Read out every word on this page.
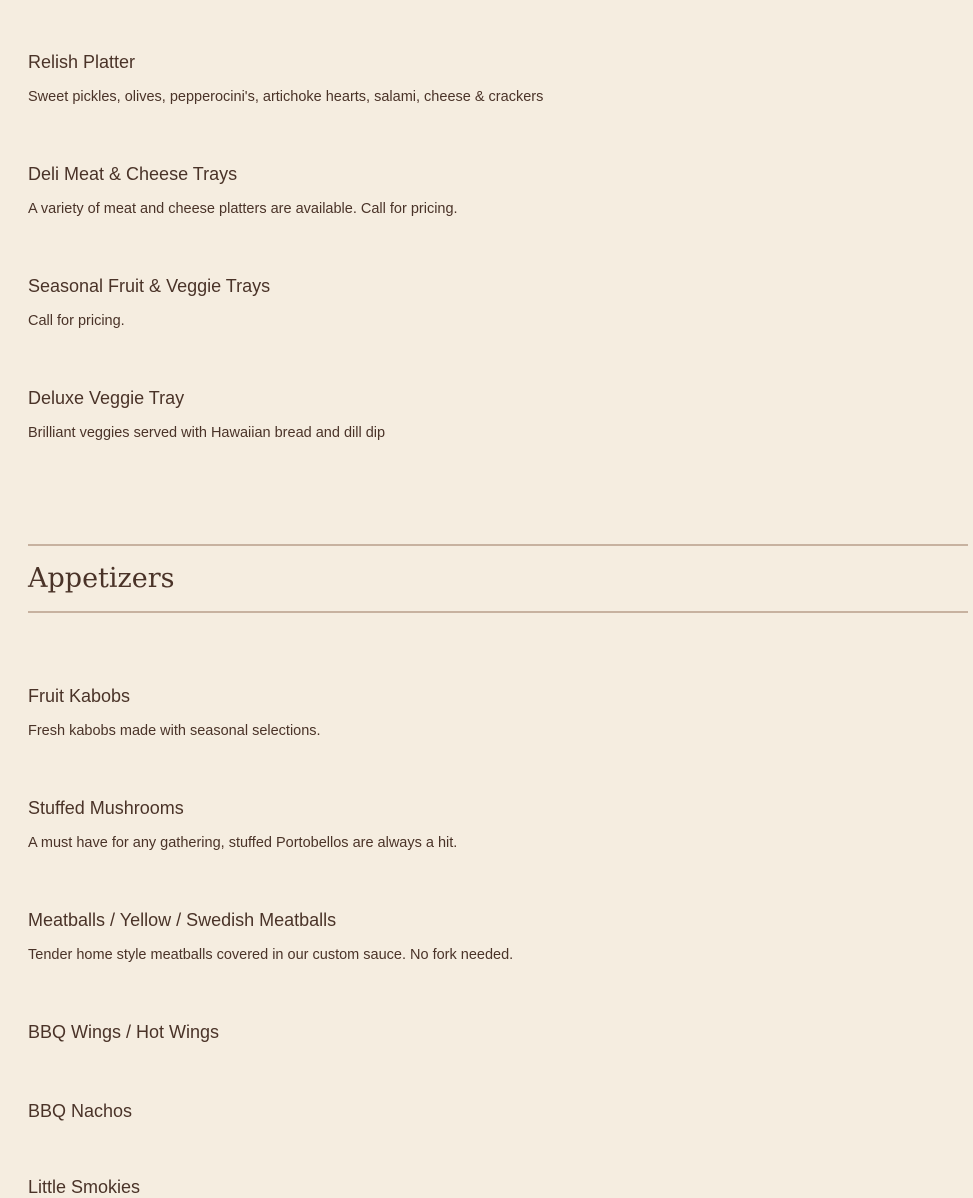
Relish Platter
Sweet pickles, olives, pepperocini's, artichoke hearts, salami, cheese & crackers
Deli Meat & Cheese Trays
A variety of meat and cheese platters are available. Call for pricing.
Seasonal Fruit & Veggie Trays
Call for pricing.
Deluxe Veggie Tray
Brilliant veggies served with Hawaiian bread and dill dip
Appetizers
Fruit Kabobs
Fresh kabobs made with seasonal selections.
Stuffed Mushrooms
A must have for any gathering, stuffed Portobellos are always a hit.
Meatballs / Yellow / Swedish Meatballs
Tender home style meatballs covered in our custom sauce. No fork needed.
BBQ Wings / Hot Wings
BBQ Nachos
Little Smokies
